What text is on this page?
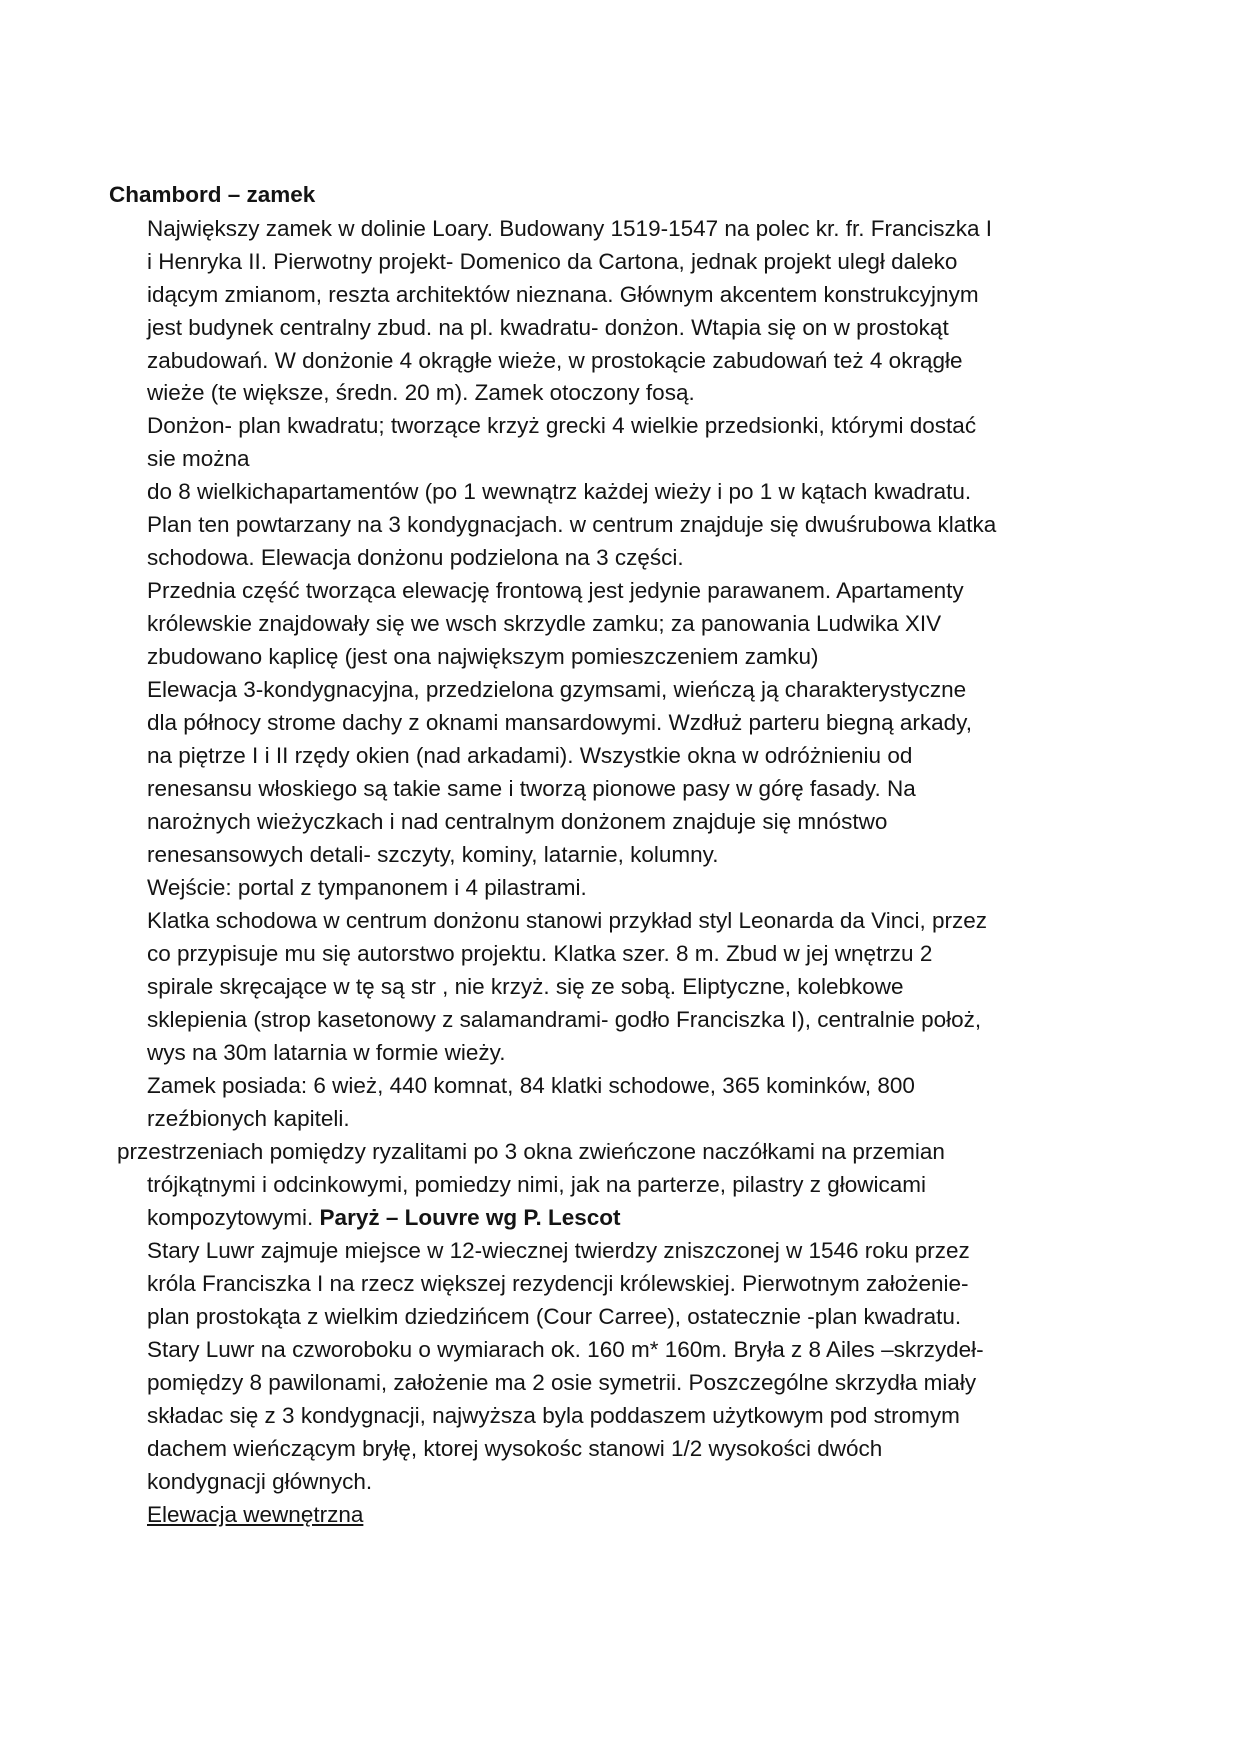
Chambord – zamek
Największy zamek w dolinie Loary. Budowany 1519-1547 na polec kr. fr. Franciszka I
i Henryka II. Pierwotny projekt- Domenico da Cartona, jednak projekt uległ daleko
idącym zmianom, reszta architektów nieznana. Głównym akcentem konstrukcyjnym
jest budynek centralny zbud. na pl. kwadratu- donżon. Wtapia się on w prostokąt
zabudowań. W donżonie 4 okrągłe wieże, w prostokącie zabudowań też 4 okrągłe
wieże (te większe, średn. 20 m). Zamek otoczony fosą.
Donżon- plan kwadratu; tworzące krzyż grecki 4 wielkie przedsionki, którymi dostać
sie można
do 8 wielkichapartamentów (po 1 wewnątrz każdej wieży i po 1 w kątach kwadratu.
Plan ten powtarzany na 3 kondygnacjach. w centrum znajduje się dwuśrubowa klatka
schodowa. Elewacja donżonu podzielona na 3 części.
Przednia część tworząca elewację frontową jest jedynie parawanem. Apartamenty
królewskie znajdowały się we wsch skrzydle zamku; za panowania Ludwika XIV
zbudowano kaplicę (jest ona największym pomieszczeniem zamku)
Elewacja 3-kondygnacyjna, przedzielona gzymsami, wieńczą ją charakterystyczne
dla północy strome dachy z oknami mansardowymi. Wzdłuż parteru biegną arkady,
na piętrze I i II rzędy okien (nad arkadami). Wszystkie okna w odróżnieniu od
renesansu włoskiego są takie same i tworzą pionowe pasy w górę fasady. Na
narożnych wieżyczkach i nad centralnym donżonem znajduje się mnóstwo
renesansowych detali- szczyty, kominy, latarnie, kolumny.
Wejście: portal z tympanonem i 4 pilastrami.
Klatka schodowa w centrum donżonu stanowi przykład styl Leonarda da Vinci, przez
co przypisuje mu się autorstwo projektu. Klatka szer. 8 m. Zbud w jej wnętrzu 2
spirale skręcające w tę są str , nie krzyż. się ze sobą. Eliptyczne, kolebkowe
sklepienia (strop kasetonowy z salamandrami- godło Franciszka I), centralnie położ,
wys na 30m latarnia w formie wieży.
Zamek posiada: 6 wież, 440 komnat, 84 klatki schodowe, 365 kominków, 800
rzeźbionych kapiteli.
przestrzeniach pomiędzy ryzalitami po 3 okna zwieńczone naczółkami na przemian
trójkątnymi i odcinkowymi, pomiedzy nimi, jak na parterze, pilastry z głowicami
kompozytowymi. Paryż – Louvre wg P. Lescot
Stary Luwr zajmuje miejsce w 12-wiecznej twierdzy zniszczonej w 1546 roku przez
króla Franciszka I na rzecz większej rezydencji królewskiej. Pierwotnym założenie-
plan prostokąta z wielkim dziedzińcem (Cour Carree), ostatecznie -plan kwadratu.
Stary Luwr na czworoboku o wymiarach ok. 160 m* 160m. Bryła z 8 Ailes –skrzydeł-
pomiędzy 8 pawilonami, założenie ma 2 osie symetrii. Poszczególne skrzydła miały
składac się z 3 kondygnacji, najwyższa byla poddaszem użytkowym pod stromym
dachem wieńczącym bryłę, ktorej wysokośc stanowi 1/2 wysokości dwóch
kondygnacji głównych.
Elewacja wewnętrzna
